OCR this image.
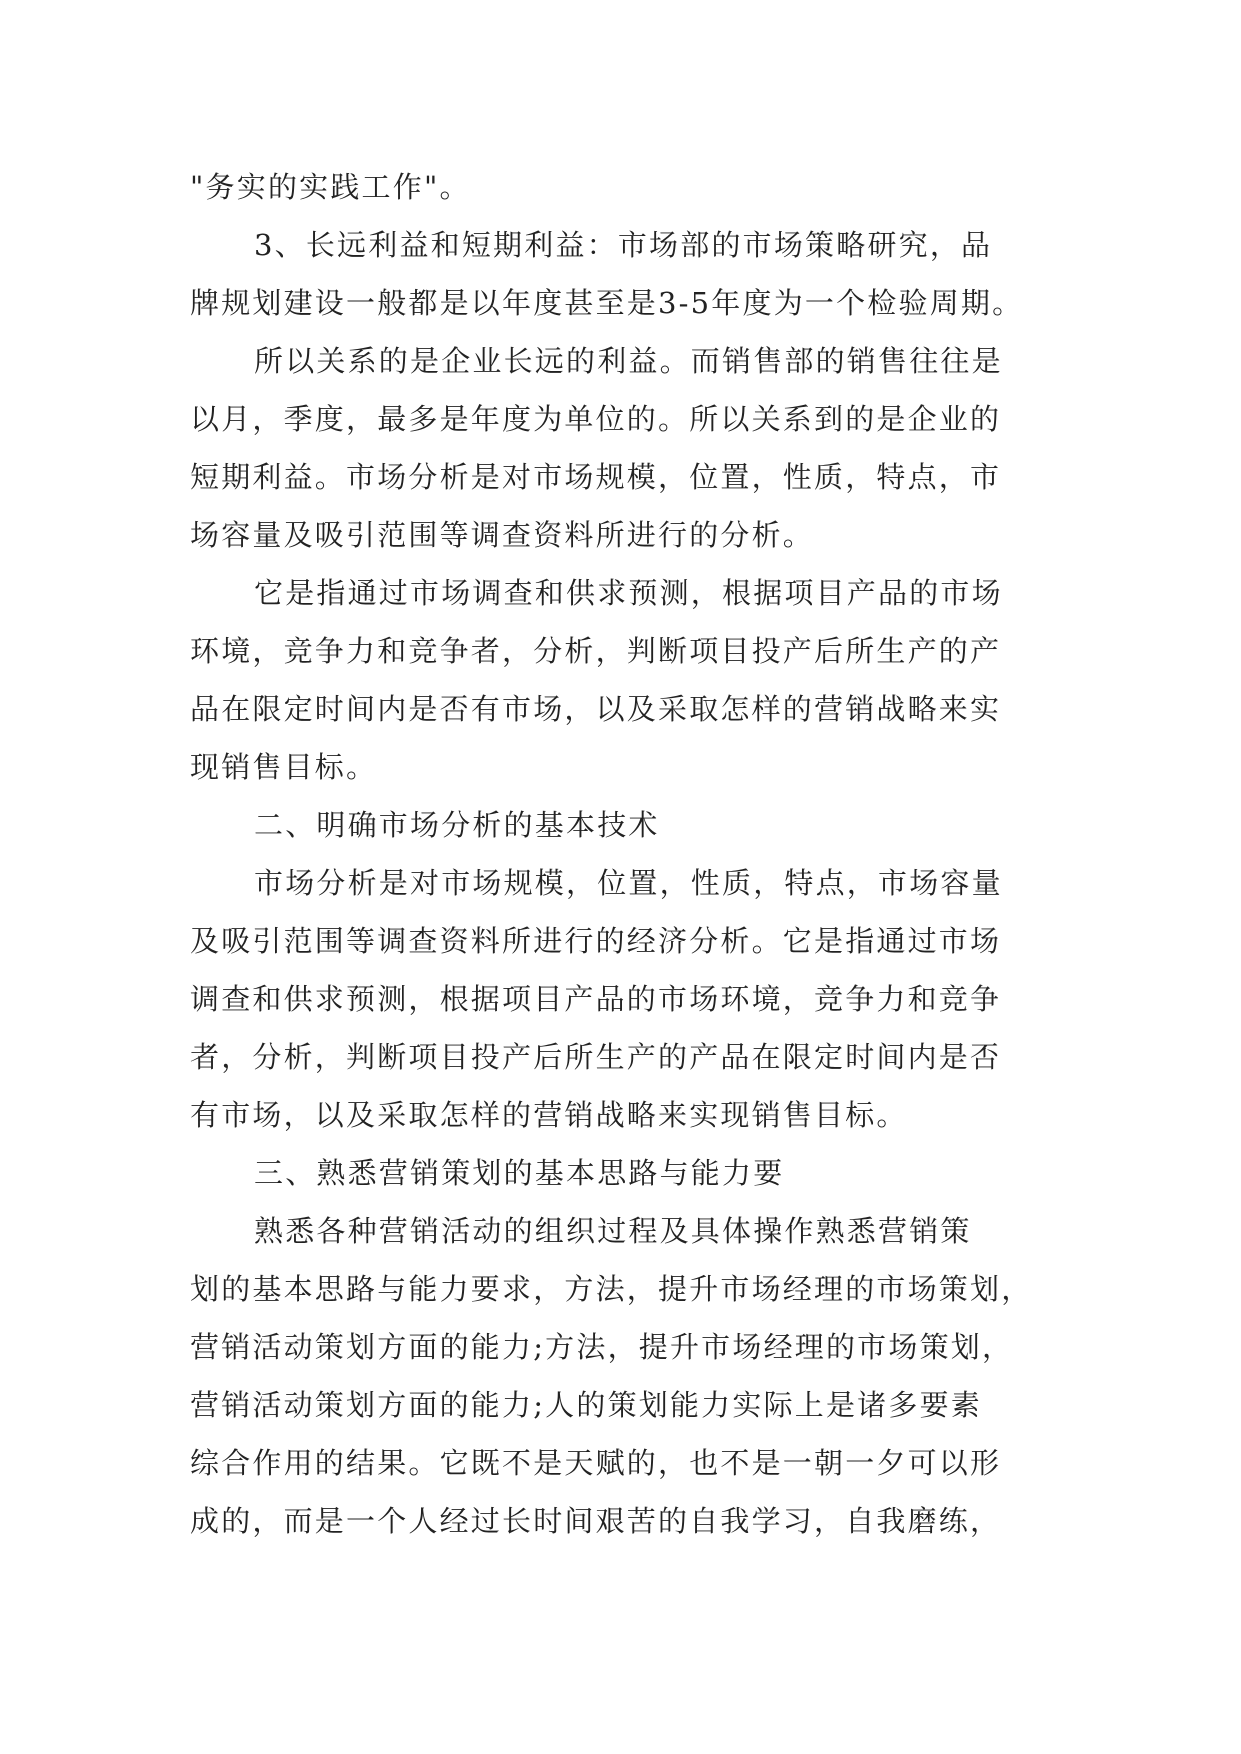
"务实的实践工作"。
3、长远利益和短期利益：市场部的市场策略研究，品
牌规划建设一般都是以年度甚至是3-5年度为一个检验周期。
所以关系的是企业长远的利益。而销售部的销售往往是
以月，季度，最多是年度为单位的。所以关系到的是企业的
短期利益。市场分析是对市场规模，位置，性质，特点，市
场容量及吸引范围等调查资料所进行的分析。
它是指通过市场调查和供求预测，根据项目产品的市场
环境，竞争力和竞争者，分析，判断项目投产后所生产的产
品在限定时间内是否有市场，以及采取怎样的营销战略来实
现销售目标。
二、明确市场分析的基本技术
市场分析是对市场规模，位置，性质，特点，市场容量
及吸引范围等调查资料所进行的经济分析。它是指通过市场
调查和供求预测，根据项目产品的市场环境，竞争力和竞争
者，分析，判断项目投产后所生产的产品在限定时间内是否
有市场，以及采取怎样的营销战略来实现销售目标。
三、熟悉营销策划的基本思路与能力要
熟悉各种营销活动的组织过程及具体操作熟悉营销策
划的基本思路与能力要求，方法，提升市场经理的市场策划，
营销活动策划方面的能力;方法，提升市场经理的市场策划，
营销活动策划方面的能力;人的策划能力实际上是诸多要素
综合作用的结果。它既不是天赋的，也不是一朝一夕可以形
成的，而是一个人经过长时间艰苦的自我学习，自我磨练，
